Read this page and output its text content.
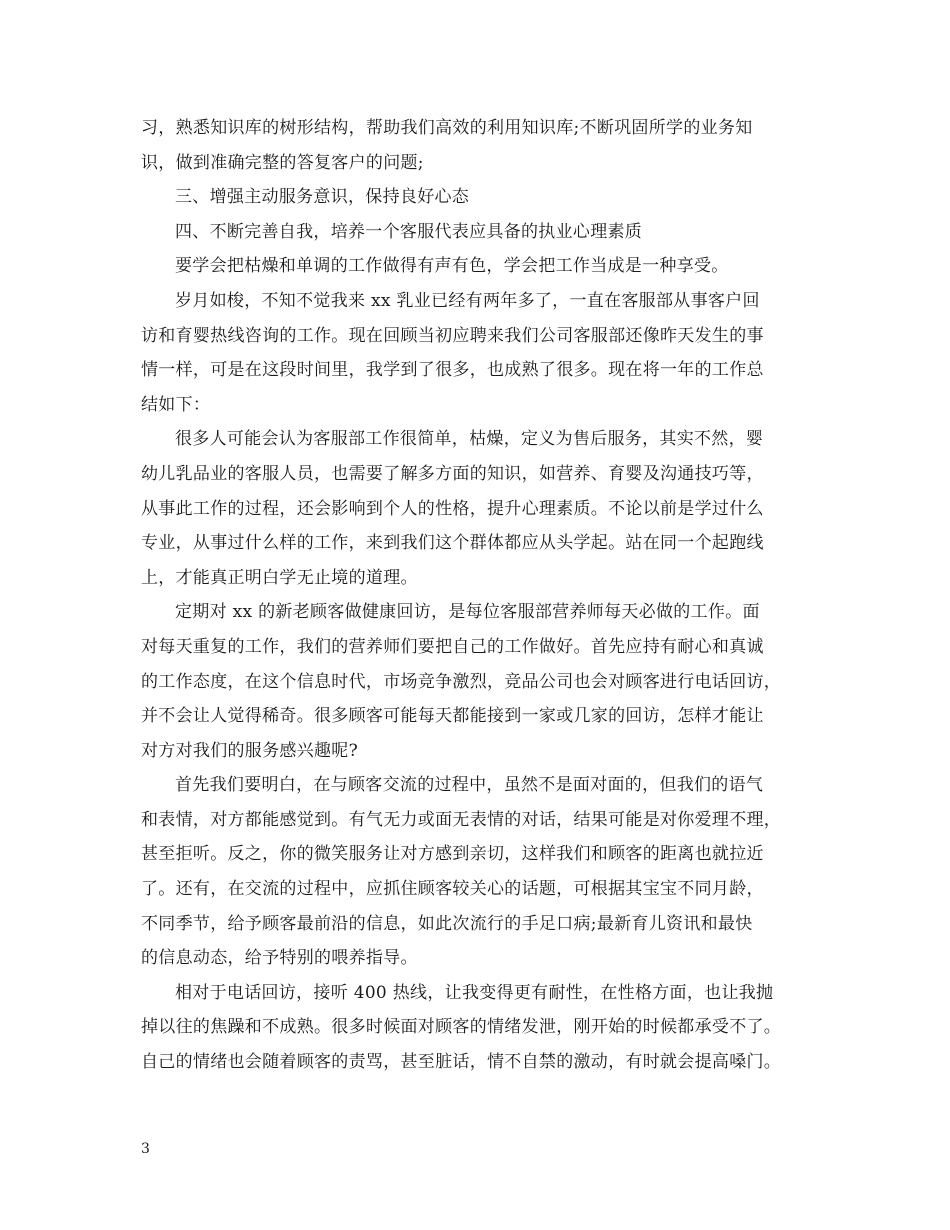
习，熟悉知识库的树形结构，帮助我们高效的利用知识库;不断巩固所学的业务知
识，做到准确完整的答复客户的问题;
三、增强主动服务意识，保持良好心态
四、不断完善自我，培养一个客服代表应具备的执业心理素质
要学会把枯燥和单调的工作做得有声有色，学会把工作当成是一种享受。
岁月如梭，不知不觉我来 xx 乳业已经有两年多了，一直在客服部从事客户回
访和育婴热线咨询的工作。现在回顾当初应聘来我们公司客服部还像昨天发生的事
情一样，可是在这段时间里，我学到了很多，也成熟了很多。现在将一年的工作总
结如下：
很多人可能会认为客服部工作很简单，枯燥，定义为售后服务，其实不然，婴
幼儿乳品业的客服人员，也需要了解多方面的知识，如营养、育婴及沟通技巧等，
从事此工作的过程，还会影响到个人的性格，提升心理素质。不论以前是学过什么
专业，从事过什么样的工作，来到我们这个群体都应从头学起。站在同一个起跑线
上，才能真正明白学无止境的道理。
定期对 xx 的新老顾客做健康回访，是每位客服部营养师每天必做的工作。面
对每天重复的工作，我们的营养师们要把自己的工作做好。首先应持有耐心和真诚
的工作态度，在这个信息时代，市场竞争激烈，竞品公司也会对顾客进行电话回访，
并不会让人觉得稀奇。很多顾客可能每天都能接到一家或几家的回访，怎样才能让
对方对我们的服务感兴趣呢?
首先我们要明白，在与顾客交流的过程中，虽然不是面对面的，但我们的语气
和表情，对方都能感觉到。有气无力或面无表情的对话，结果可能是对你爱理不理，
甚至拒听。反之，你的微笑服务让对方感到亲切，这样我们和顾客的距离也就拉近
了。还有，在交流的过程中，应抓住顾客较关心的话题，可根据其宝宝不同月龄，
不同季节，给予顾客最前沿的信息，如此次流行的手足口病;最新育儿资讯和最快
的信息动态，给予特别的喂养指导。
相对于电话回访，接听 400 热线，让我变得更有耐性，在性格方面，也让我抛
掉以往的焦躁和不成熟。很多时候面对顾客的情绪发泄，刚开始的时候都承受不了。
自己的情绪也会随着顾客的责骂，甚至脏话，情不自禁的激动，有时就会提高嗓门。
3
